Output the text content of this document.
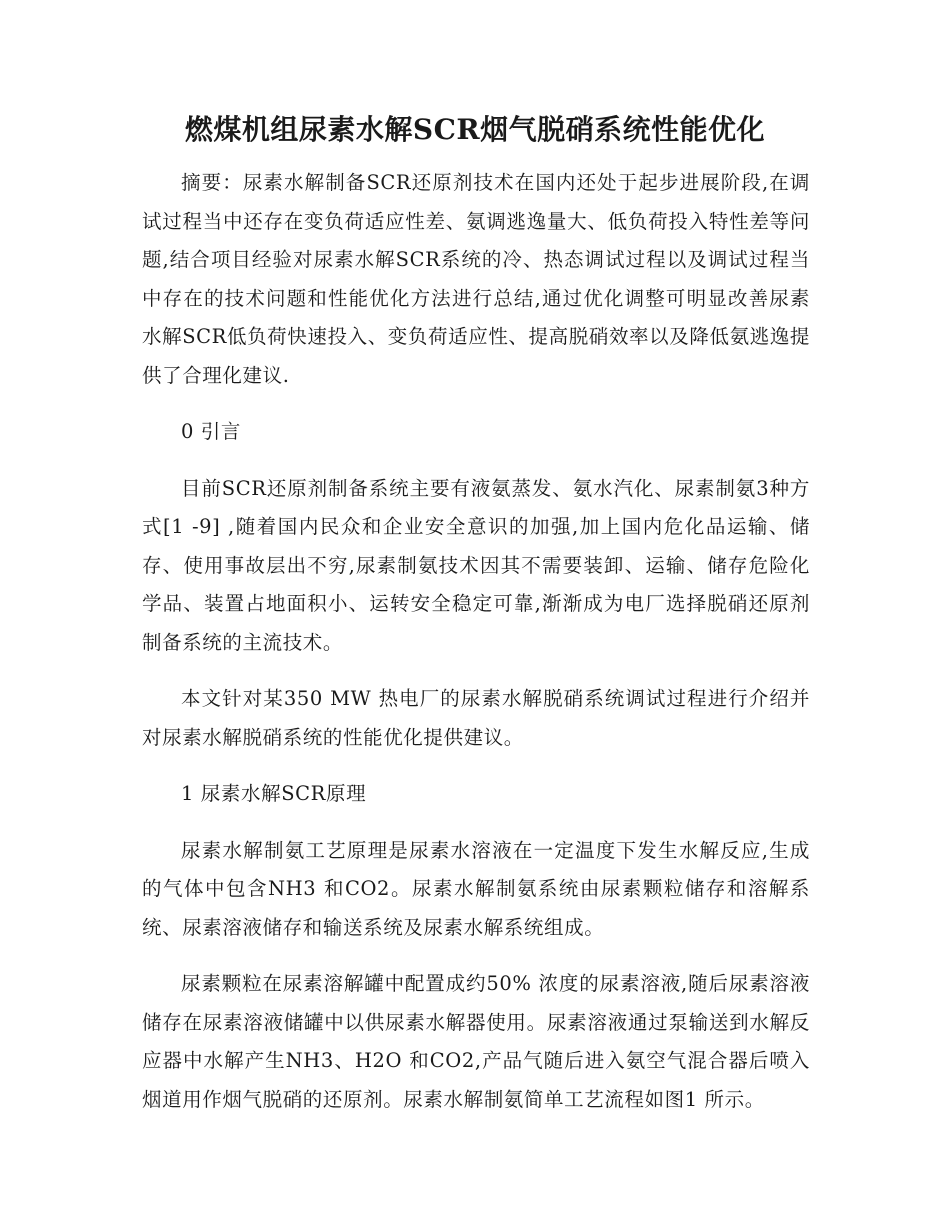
燃煤机组尿素水解SCR烟气脱硝系统性能优化

摘要：尿素水解制备SCR还原剂技术在国内还处于起步进展阶段,在调试过程当中还存在变负荷适应性差、氨调逃逸量大、低负荷投入特性差等问题,结合项目经验对尿素水解SCR系统的冷、热态调试过程以及调试过程当中存在的技术问题和性能优化方法进行总结,通过优化调整可明显改善尿素水解SCR低负荷快速投入、变负荷适应性、提高脱硝效率以及降低氨逃逸提供了合理化建议.

0 引言

目前SCR还原剂制备系统主要有液氨蒸发、氨水汽化、尿素制氨3种方式[1 -9] ,随着国内民众和企业安全意识的加强,加上国内危化品运输、储存、使用事故层出不穷,尿素制氨技术因其不需要装卸、运输、储存危险化学品、装置占地面积小、运转安全稳定可靠,渐渐成为电厂选择脱硝还原剂制备系统的主流技术。

本文针对某350 MW 热电厂的尿素水解脱硝系统调试过程进行介绍并对尿素水解脱硝系统的性能优化提供建议。

1 尿素水解SCR原理

尿素水解制氨工艺原理是尿素水溶液在一定温度下发生水解反应,生成的气体中包含NH3 和CO2。尿素水解制氨系统由尿素颗粒储存和溶解系统、尿素溶液储存和输送系统及尿素水解系统组成。

尿素颗粒在尿素溶解罐中配置成约50% 浓度的尿素溶液,随后尿素溶液储存在尿素溶液储罐中以供尿素水解器使用。尿素溶液通过泵输送到水解反应器中水解产生NH3、H2O 和CO2,产品气随后进入氨空气混合器后喷入烟道用作烟气脱硝的还原剂。尿素水解制氨简单工艺流程如图1 所示。
